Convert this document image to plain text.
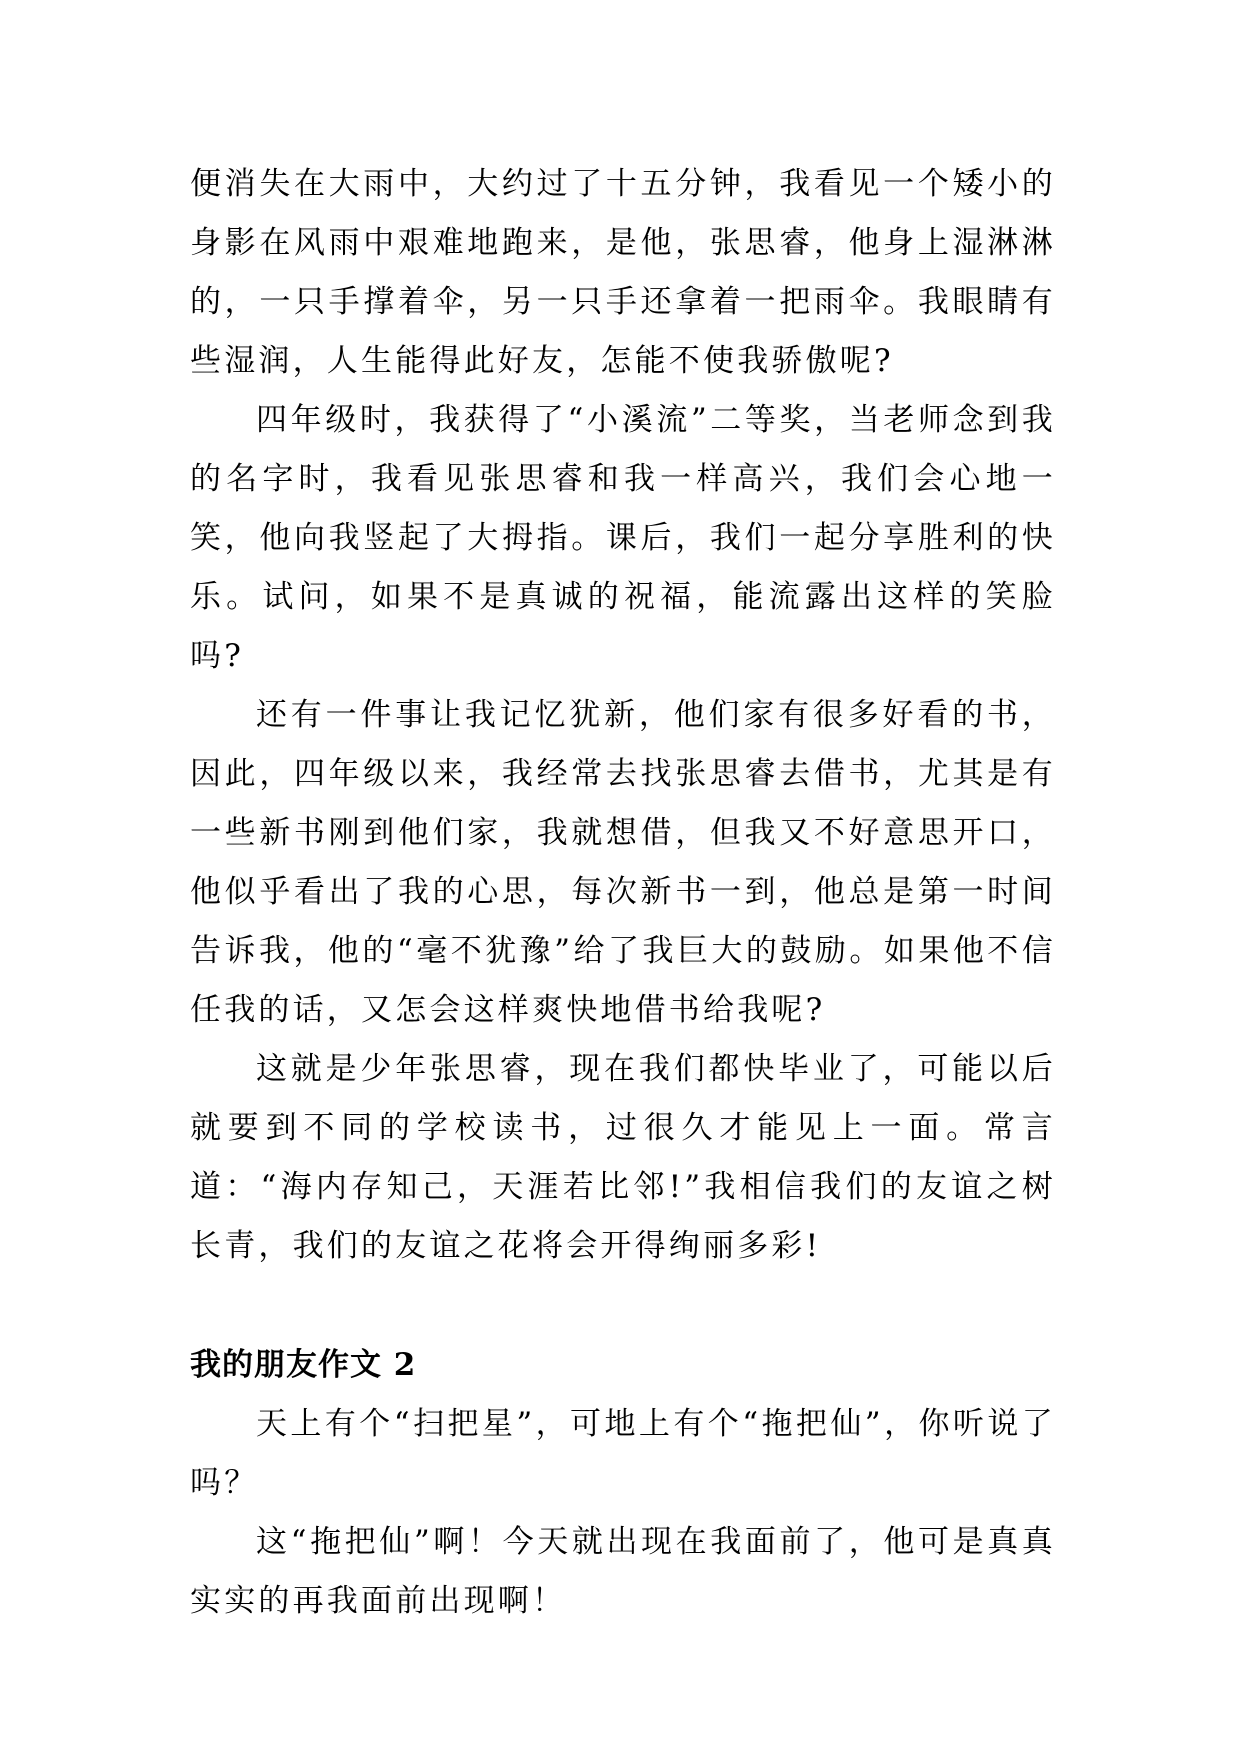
便消失在大雨中，大约过了十五分钟，我看见一个矮小的身影在风雨中艰难地跑来，是他，张思睿，他身上湿淋淋的，一只手撑着伞，另一只手还拿着一把雨伞。我眼睛有些湿润，人生能得此好友，怎能不使我骄傲呢?

四年级时，我获得了“小溪流”二等奖，当老师念到我的名字时，我看见张思睿和我一样高兴，我们会心地一笑，他向我竖起了大拇指。课后，我们一起分享胜利的快乐。试问，如果不是真诚的祝福，能流露出这样的笑脸吗?

还有一件事让我记忆犹新，他们家有很多好看的书，因此，四年级以来，我经常去找张思睿去借书，尤其是有一些新书刚到他们家，我就想借，但我又不好意思开口，他似乎看出了我的心思，每次新书一到，他总是第一时间告诉我，他的“毫不犹豫”给了我巨大的鼓励。如果他不信任我的话，又怎会这样爽快地借书给我呢?

这就是少年张思睿，现在我们都快毕业了，可能以后就要到不同的学校读书，过很久才能见上一面。常言道：“海内存知己，天涯若比邻!”我相信我们的友谊之树长青，我们的友谊之花将会开得绚丽多彩!

我的朋友作文 2

天上有个“扫把星”，可地上有个“拖把仙”，你听说了吗？

这“拖把仙”啊！今天就出现在我面前了，他可是真真实实的再我面前出现啊！
